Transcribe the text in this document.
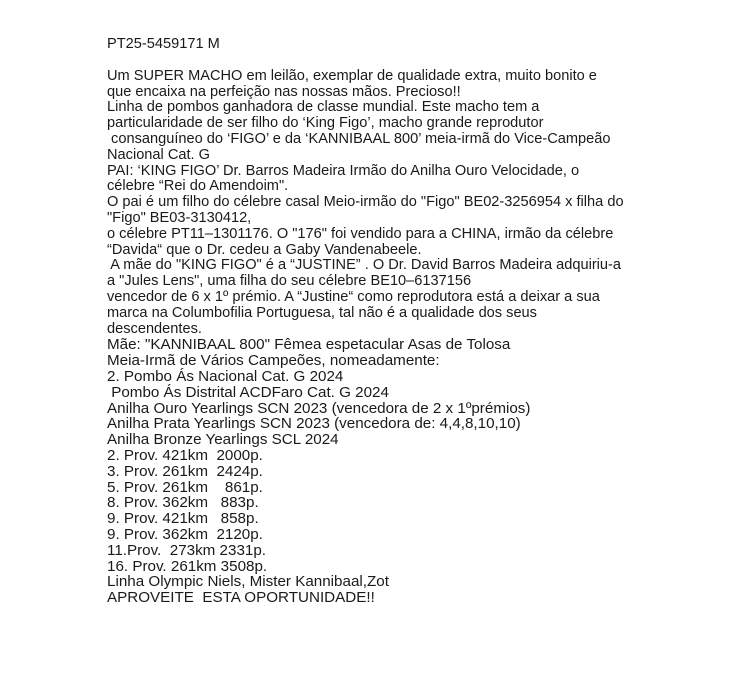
PT25-5459171 M
Um SUPER MACHO em leilão, exemplar de qualidade extra, muito bonito e
que encaixa na perfeição nas nossas mãos. Precioso!!
Linha de pombos ganhadora de classe mundial. Este macho tem a
particularidade de ser filho do ‘King Figo’, macho grande reprodutor
consanguíneo do ‘FIGO’ e da ‘KANNIBAAL 800’ meia-irmã do Vice-Campeão
Nacional Cat. G
PAI: ‘KING FIGO’ Dr. Barros Madeira Irmão do Anilha Ouro Velocidade, o
célebre “Rei do Amendoim".
O pai é um filho do célebre casal Meio-irmão do "Figo" BE02-3256954 x filha do
"Figo" BE03-3130412,
o célebre PT11–1301176. O "176" foi vendido para a CHINA, irmão da célebre
“Davida“ que o Dr. cedeu a Gaby Vandenabeele.
A mãe do "KING FIGO" é a “JUSTINE” . O Dr. David Barros Madeira adquiriu-a
a "Jules Lens", uma filha do seu célebre BE10–6137156
vencedor de 6 x 1º prémio. A “Justine“ como reprodutora está a deixar a sua
marca na Columbofilia Portuguesa, tal não é a qualidade dos seus
descendentes.
Mãe: "KANNIBAAL 800" Fêmea espetacular Asas de Tolosa
Meia-Irmã de Vários Campeões, nomeadamente:
2. Pombo Ás Nacional Cat. G 2024
Pombo Ás Distrital ACDFaro Cat. G 2024
Anilha Ouro Yearlings SCN 2023 (vencedora de 2 x 1ºprémios)
Anilha Prata Yearlings SCN 2023 (vencedora de: 4,4,8,10,10)
Anilha Bronze Yearlings SCL 2024
2. Prov. 421km  2000p.
3. Prov. 261km  2424p.
5. Prov. 261km    861p.
8. Prov. 362km   883p.
9. Prov. 421km   858p.
9. Prov. 362km  2120p.
11.Prov.  273km 2331p.
16. Prov. 261km 3508p.
Linha Olympic Niels, Mister Kannibaal,Zot
APROVEITE  ESTA OPORTUNIDADE!!
